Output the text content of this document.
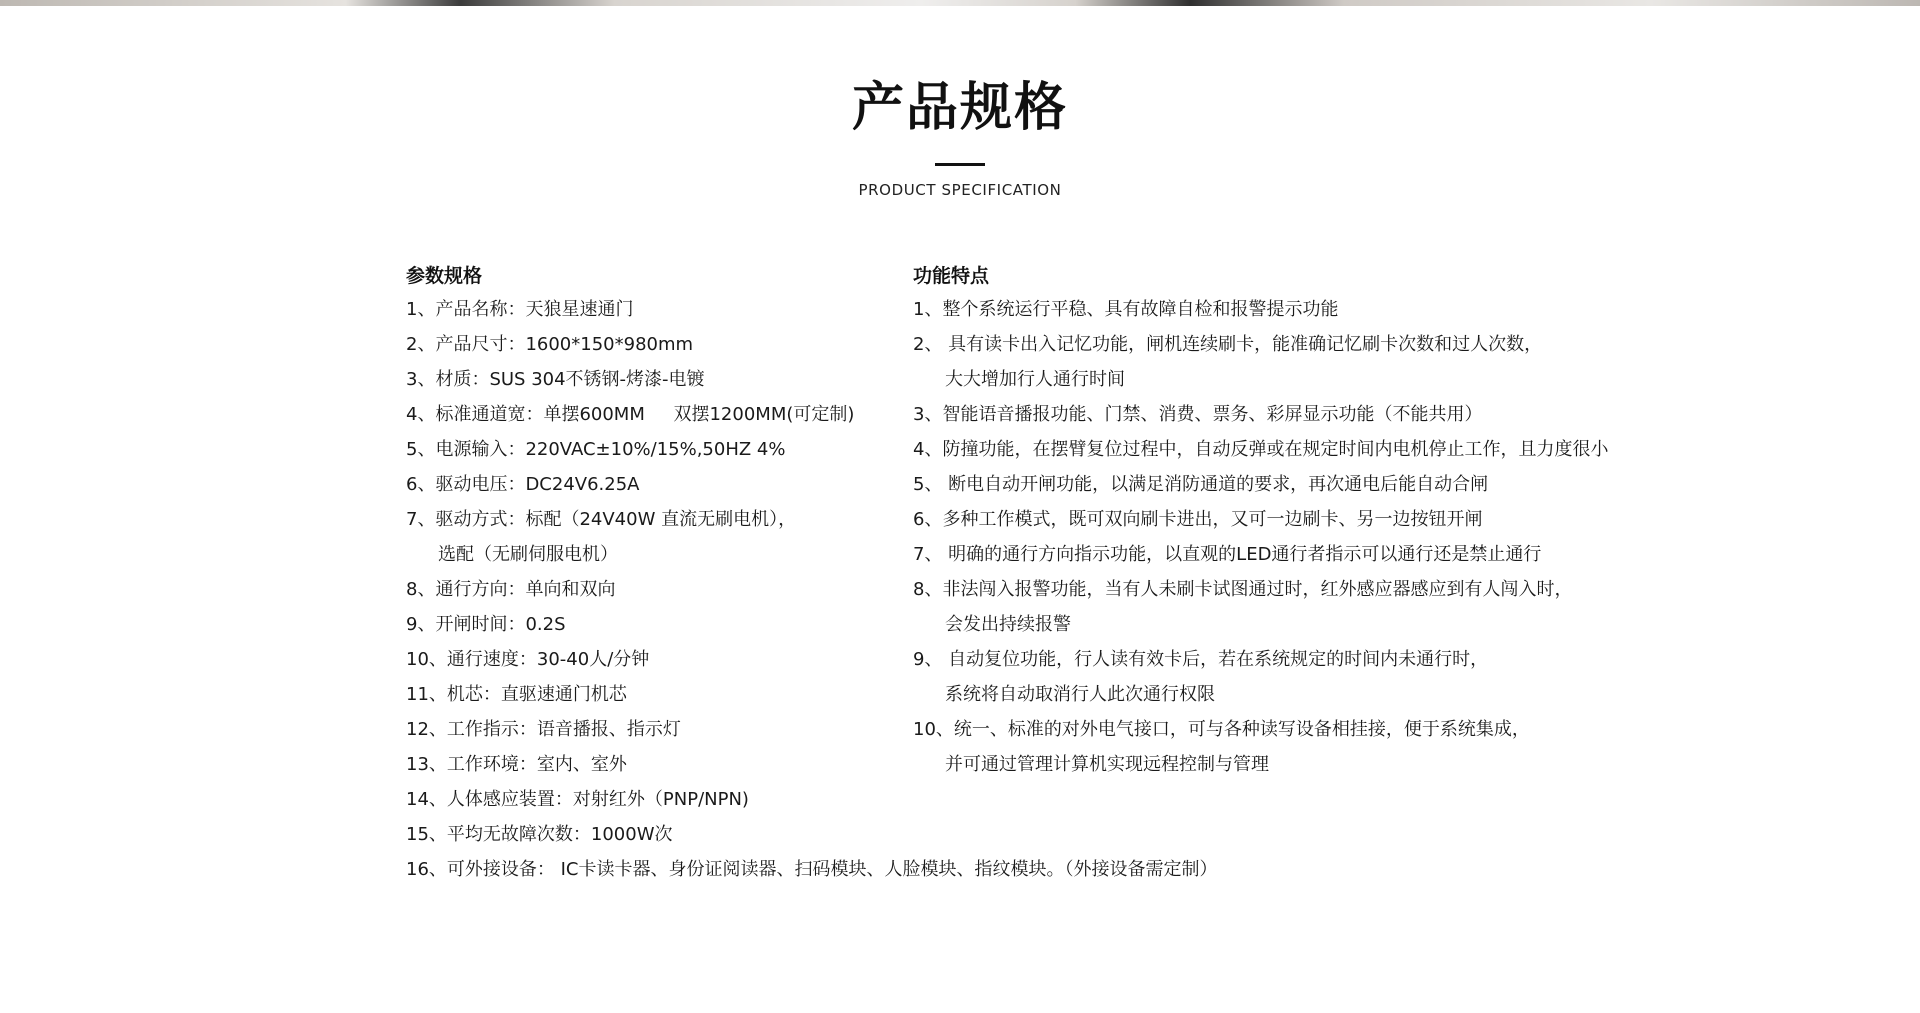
产品规格
PRODUCT SPECIFICATION
参数规格
1、产品名称：天狼星速通门
2、产品尺寸：1600*150*980mm
3、材质：SUS 304不锈钢-烤漆-电镀
4、标准通道宽：单摆600MM     双摆1200MM(可定制)
5、电源输入：220VAC±10%/15%,50HZ 4%
6、驱动电压：DC24V6.25A
7、驱动方式：标配（24V40W 直流无刷电机），
选配（无刷伺服电机）
8、通行方向：单向和双向
9、开闸时间：0.2S
10、通行速度：30-40人/分钟
11、机芯：直驱速通门机芯
12、工作指示：语音播报、指示灯
13、工作环境：室内、室外
14、人体感应装置：对射红外（PNP/NPN)
15、平均无故障次数：1000W次
16、可外接设备： IC卡读卡器、身份证阅读器、扫码模块、人脸模块、指纹模块。（外接设备需定制）
功能特点
1、整个系统运行平稳、具有故障自检和报警提示功能
2、 具有读卡出入记忆功能，闸机连续刷卡，能准确记忆刷卡次数和过人次数，
大大增加行人通行时间
3、智能语音播报功能、门禁、消费、票务、彩屏显示功能（不能共用）
4、防撞功能，在摆臂复位过程中，自动反弹或在规定时间内电机停止工作，且力度很小
5、 断电自动开闸功能，以满足消防通道的要求，再次通电后能自动合闸
6、多种工作模式，既可双向刷卡进出，又可一边刷卡、另一边按钮开闸
7、 明确的通行方向指示功能，以直观的LED通行者指示可以通行还是禁止通行
8、非法闯入报警功能，当有人未刷卡试图通过时，红外感应器感应到有人闯入时，
会发出持续报警
9、 自动复位功能，行人读有效卡后，若在系统规定的时间内未通行时，
系统将自动取消行人此次通行权限
10、统一、标准的对外电气接口，可与各种读写设备相挂接，便于系统集成，
并可通过管理计算机实现远程控制与管理
